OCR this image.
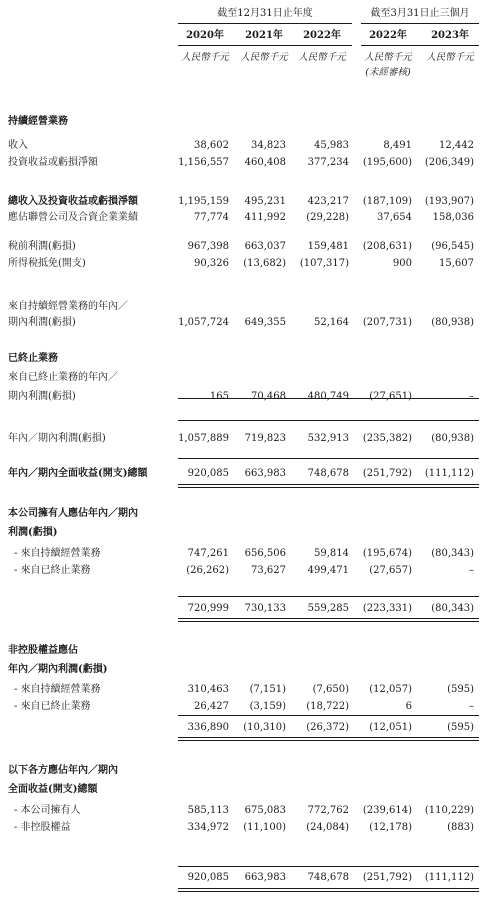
截至12月31日止年度	截至3月31日止三個月
2020年	2021年	2022年	2022年	2023年
人民幣千元	人民幣千元	人民幣千元	人民幣千元	人民幣千元
(未經審核)
持續經營業務
收入	38,602	34,823	45,983	8,491	12,442
投資收益或虧損淨額	1,156,557	460,408	377,234	(195,600)	(206,349)
總收入及投資收益或虧損淨額	1,195,159	495,231	423,217	(187,109)	(193,907)
應佔聯營公司及合資企業業績	77,774	411,992	(29,228)	37,654	158,036
稅前利潤(虧損)	967,398	663,037	159,481	(208,631)	(96,545)
所得稅抵免(開支)	90,326	(13,682)	(107,317)	900	15,607
來自持續經營業務的年內／
期內利潤(虧損)	1,057,724	649,355	52,164	(207,731)	(80,938)
已終止業務
來自已終止業務的年內／
期內利潤(虧損)	165	70,468	480,749	(27,651)	–
年內／期內利潤(虧損)	1,057,889	719,823	532,913	(235,382)	(80,938)
年內／期內全面收益(開支)總額	920,085	663,983	748,678	(251,792)	(111,112)
本公司擁有人應佔年內／期內
利潤(虧損)
- 來自持續經營業務	747,261	656,506	59,814	(195,674)	(80,343)
- 來自已終止業務	(26,262)	73,627	499,471	(27,657)	–
720,999	730,133	559,285	(223,331)	(80,343)
非控股權益應佔
年內／期內利潤(虧損)
- 來自持續經營業務	310,463	(7,151)	(7,650)	(12,057)	(595)
- 來自已終止業務	26,427	(3,159)	(18,722)	6	–
336,890	(10,310)	(26,372)	(12,051)	(595)
以下各方應佔年內／期內
全面收益(開支)總額
- 本公司擁有人	585,113	675,083	772,762	(239,614)	(110,229)
- 非控股權益	334,972	(11,100)	(24,084)	(12,178)	(883)
920,085	663,983	748,678	(251,792)	(111,112)
